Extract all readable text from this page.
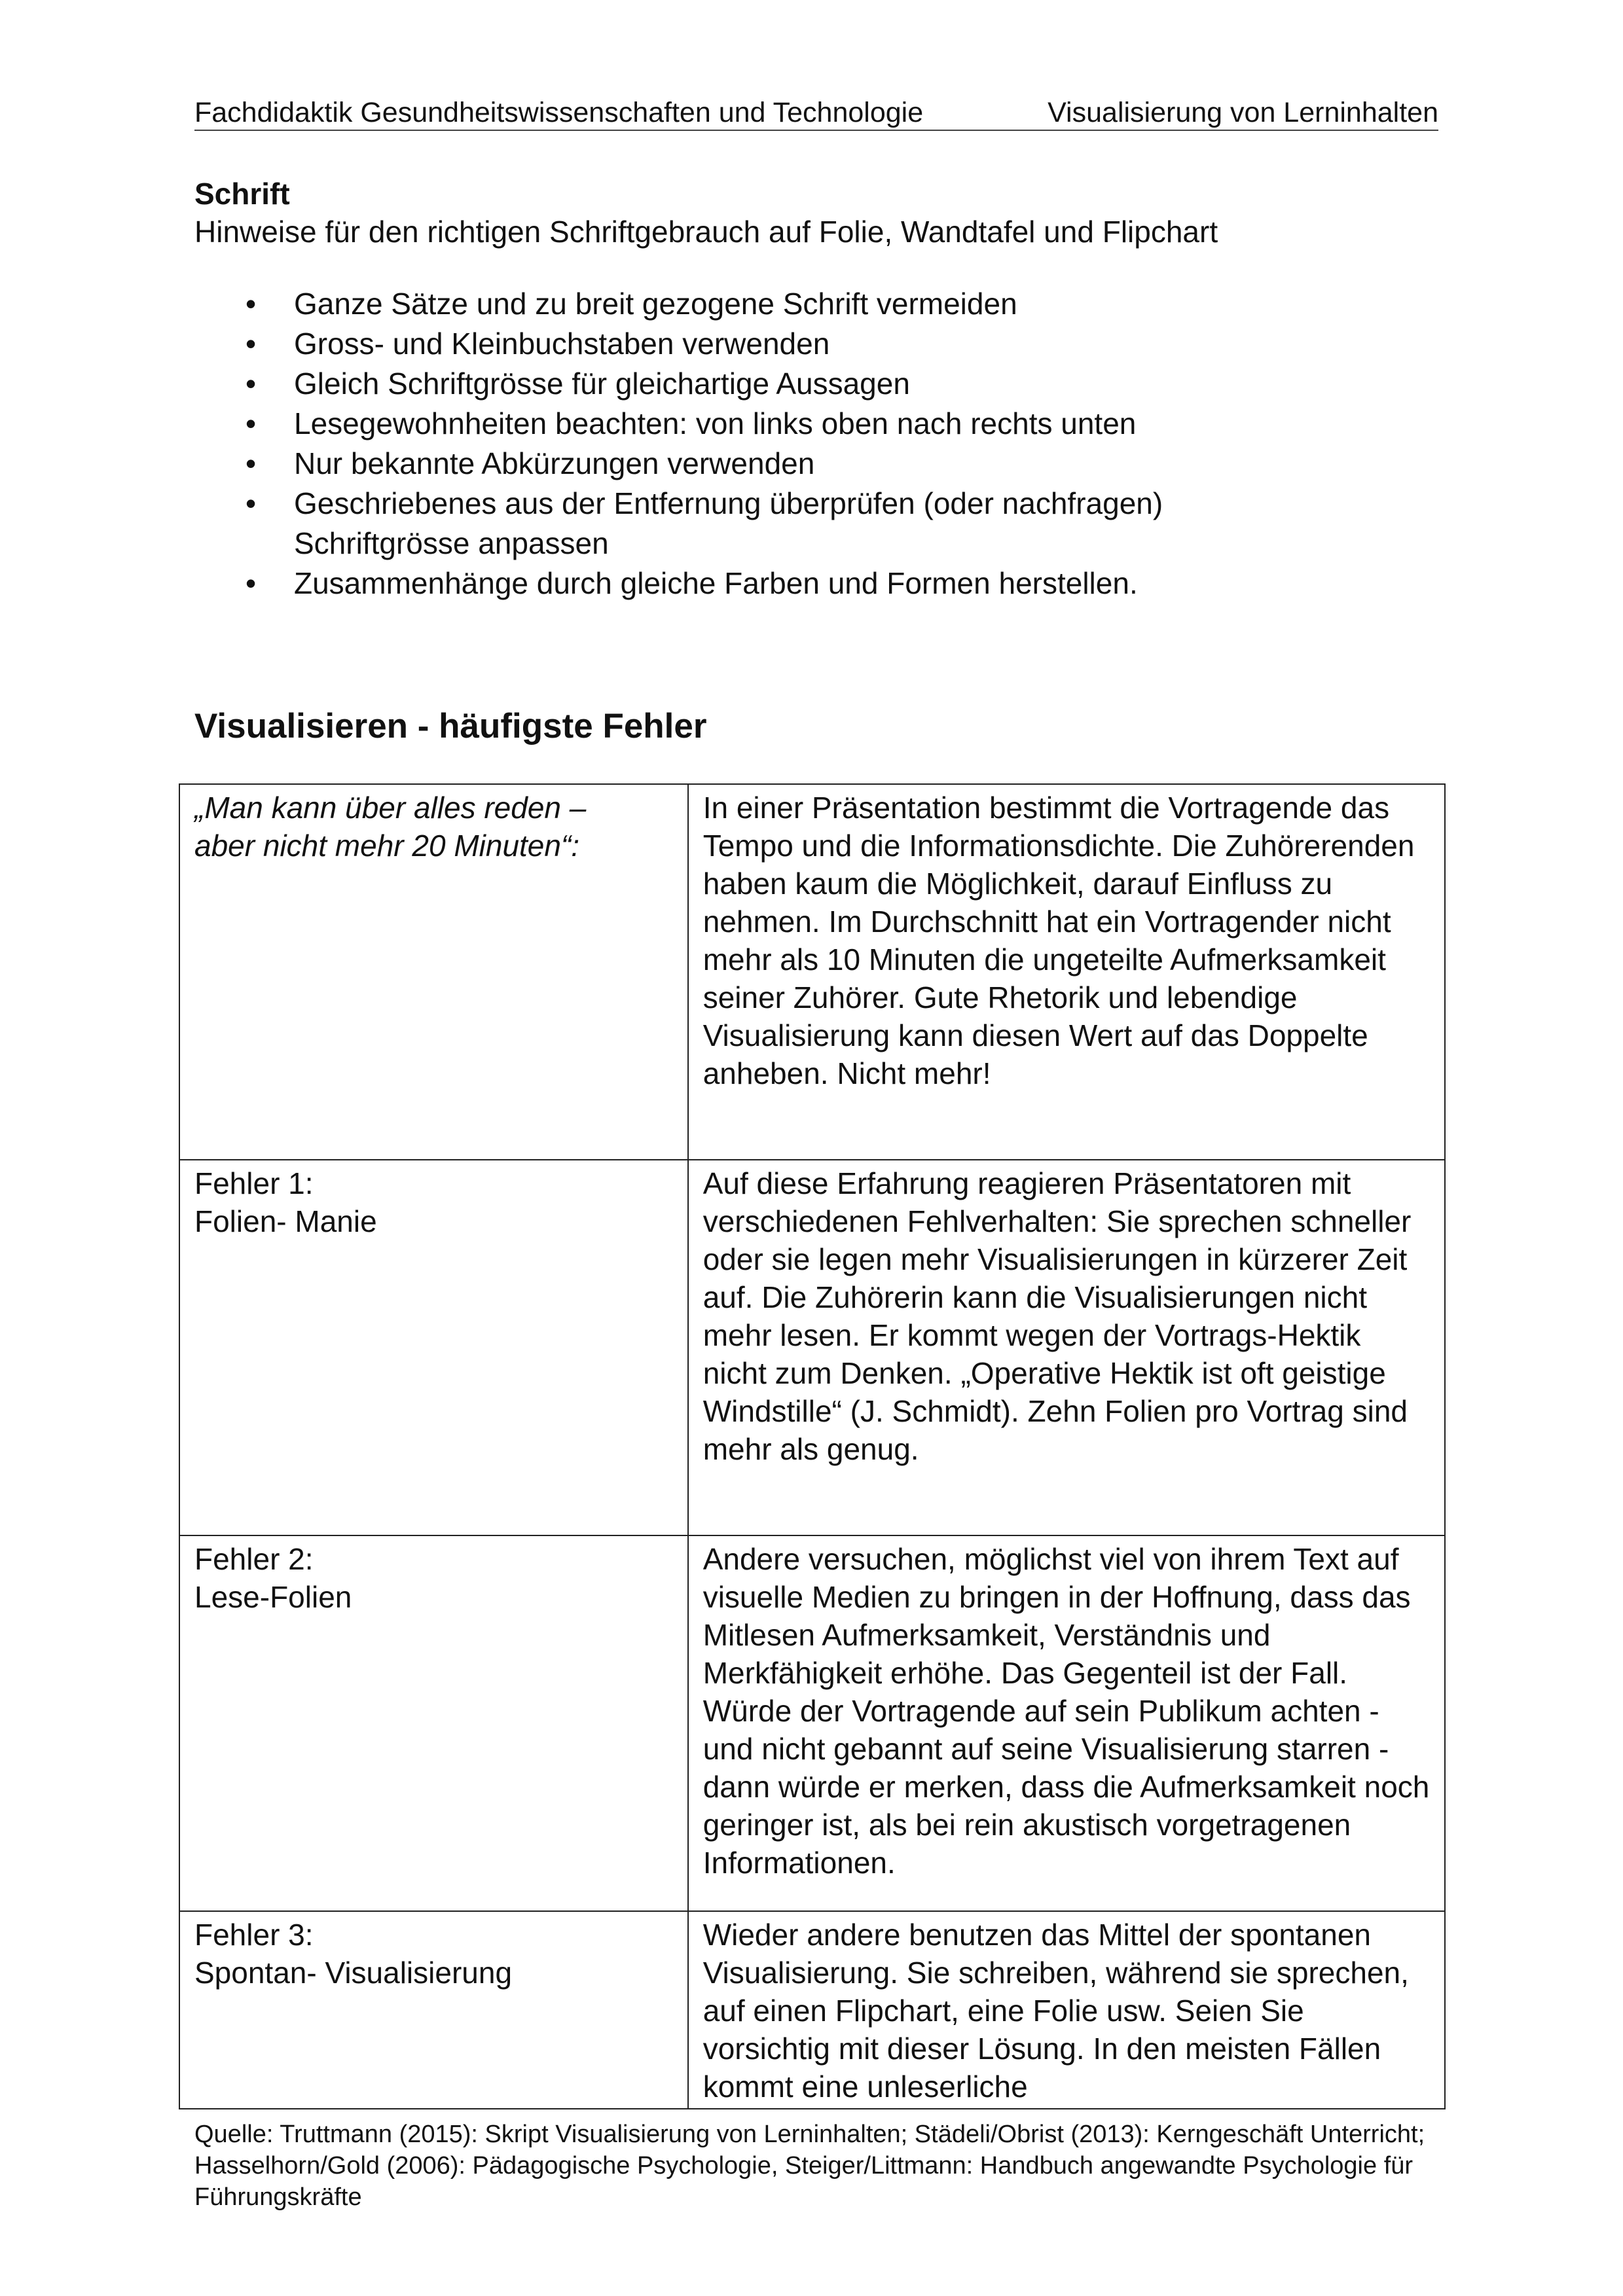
Fachdidaktik Gesundheitswissenschaften und Technologie	Visualisierung von Lerninhalten
Schrift
Hinweise für den richtigen Schriftgebrauch auf Folie, Wandtafel und Flipchart
• Ganze Sätze und zu breit gezogene Schrift vermeiden
• Gross- und Kleinbuchstaben verwenden
• Gleich Schriftgrösse für gleichartige Aussagen
• Lesegewohnheiten beachten: von links oben nach rechts unten
• Nur bekannte Abkürzungen verwenden
• Geschriebenes aus der Entfernung überprüfen (oder nachfragen)
Schriftgrösse anpassen
• Zusammenhänge durch gleiche Farben und Formen herstellen.
Visualisieren - häufigste Fehler
„Man kann über alles reden –
aber nicht mehr 20 Minuten“:	In einer Präsentation bestimmt die Vortragende das Tempo und die Informationsdichte. Die Zuhörerenden haben kaum die Möglichkeit, darauf Einfluss zu nehmen. Im Durchschnitt hat ein Vortragender nicht mehr als 10 Minuten die ungeteilte Aufmerksamkeit seiner Zuhörer. Gute Rhetorik und lebendige Visualisierung kann diesen Wert auf das Doppelte anheben. Nicht mehr!

Fehler 1:
Folien- Manie	Auf diese Erfahrung reagieren Präsentatoren mit verschiedenen Fehlverhalten: Sie sprechen schneller oder sie legen mehr Visualisierungen in kürzerer Zeit auf. Die Zuhörerin kann die Visualisierungen nicht mehr lesen. Er kommt wegen der Vortrags-Hektik nicht zum Denken. „Operative Hektik ist oft geistige Windstille“ (J. Schmidt). Zehn Folien pro Vortrag sind mehr als genug.

Fehler 2:
Lese-Folien	Andere versuchen, möglichst viel von ihrem Text auf visuelle Medien zu bringen in der Hoffnung, dass das Mitlesen Aufmerksamkeit, Verständnis und Merkfähigkeit erhöhe. Das Gegenteil ist der Fall. Würde der Vortragende auf sein Publikum achten - und nicht gebannt auf seine Visualisierung starren - dann würde er merken, dass die Aufmerksamkeit noch geringer ist, als bei rein akustisch vorgetragenen Informationen.

Fehler 3:
Spontan- Visualisierung	Wieder andere benutzen das Mittel der spontanen Visualisierung. Sie schreiben, während sie sprechen, auf einen Flipchart, eine Folie usw. Seien Sie vorsichtig mit dieser Lösung. In den meisten Fällen kommt eine unleserliche
Quelle: Truttmann (2015): Skript Visualisierung von Lerninhalten; Städeli/Obrist (2013): Kerngeschäft Unterricht; Hasselhorn/Gold (2006): Pädagogische Psychologie, Steiger/Littmann: Handbuch angewandte Psychologie für Führungskräfte
